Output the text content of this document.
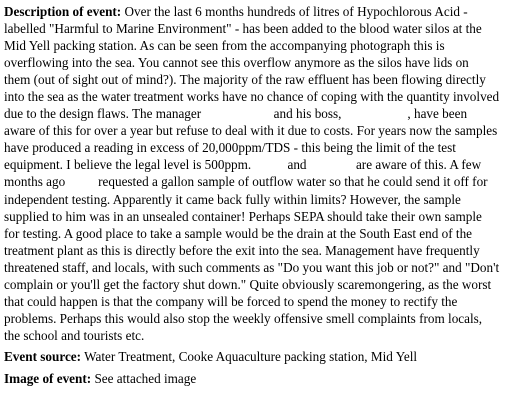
Description of event: Over the last 6 months hundreds of litres of Hypochlorous Acid -
labelled "Harmful to Marine Environment" - has been added to the blood water silos at the
Mid Yell packing station. As can be seen from the accompanying photograph this is
overflowing into the sea. You cannot see this overflow anymore as the silos have lids on
them (out of sight out of mind?). The majority of the raw effluent has been flowing directly
into the sea as the water treatment works have no chance of coping with the quantity involved
due to the design flaws. The manager                      and his boss,                    , have been
aware of this for over a year but refuse to deal with it due to costs. For years now the samples
have produced a reading in excess of 20,000ppm/TDS - this being the limit of the test
equipment. I believe the legal level is 500ppm.           and               are aware of this. A few
months ago          requested a gallon sample of outflow water so that he could send it off for
independent testing. Apparently it came back fully within limits? However, the sample
supplied to him was in an unsealed container! Perhaps SEPA should take their own sample
for testing. A good place to take a sample would be the drain at the South East end of the
treatment plant as this is directly before the exit into the sea. Management have frequently
threatened staff, and locals, with such comments as "Do you want this job or not?" and "Don't
complain or you'll get the factory shut down." Quite obviously scaremongering, as the worst
that could happen is that the company will be forced to spend the money to rectify the
problems. Perhaps this would also stop the weekly offensive smell complaints from locals,
the school and tourists etc.
Event source: Water Treatment, Cooke Aquaculture packing station, Mid Yell
Image of event: See attached image
